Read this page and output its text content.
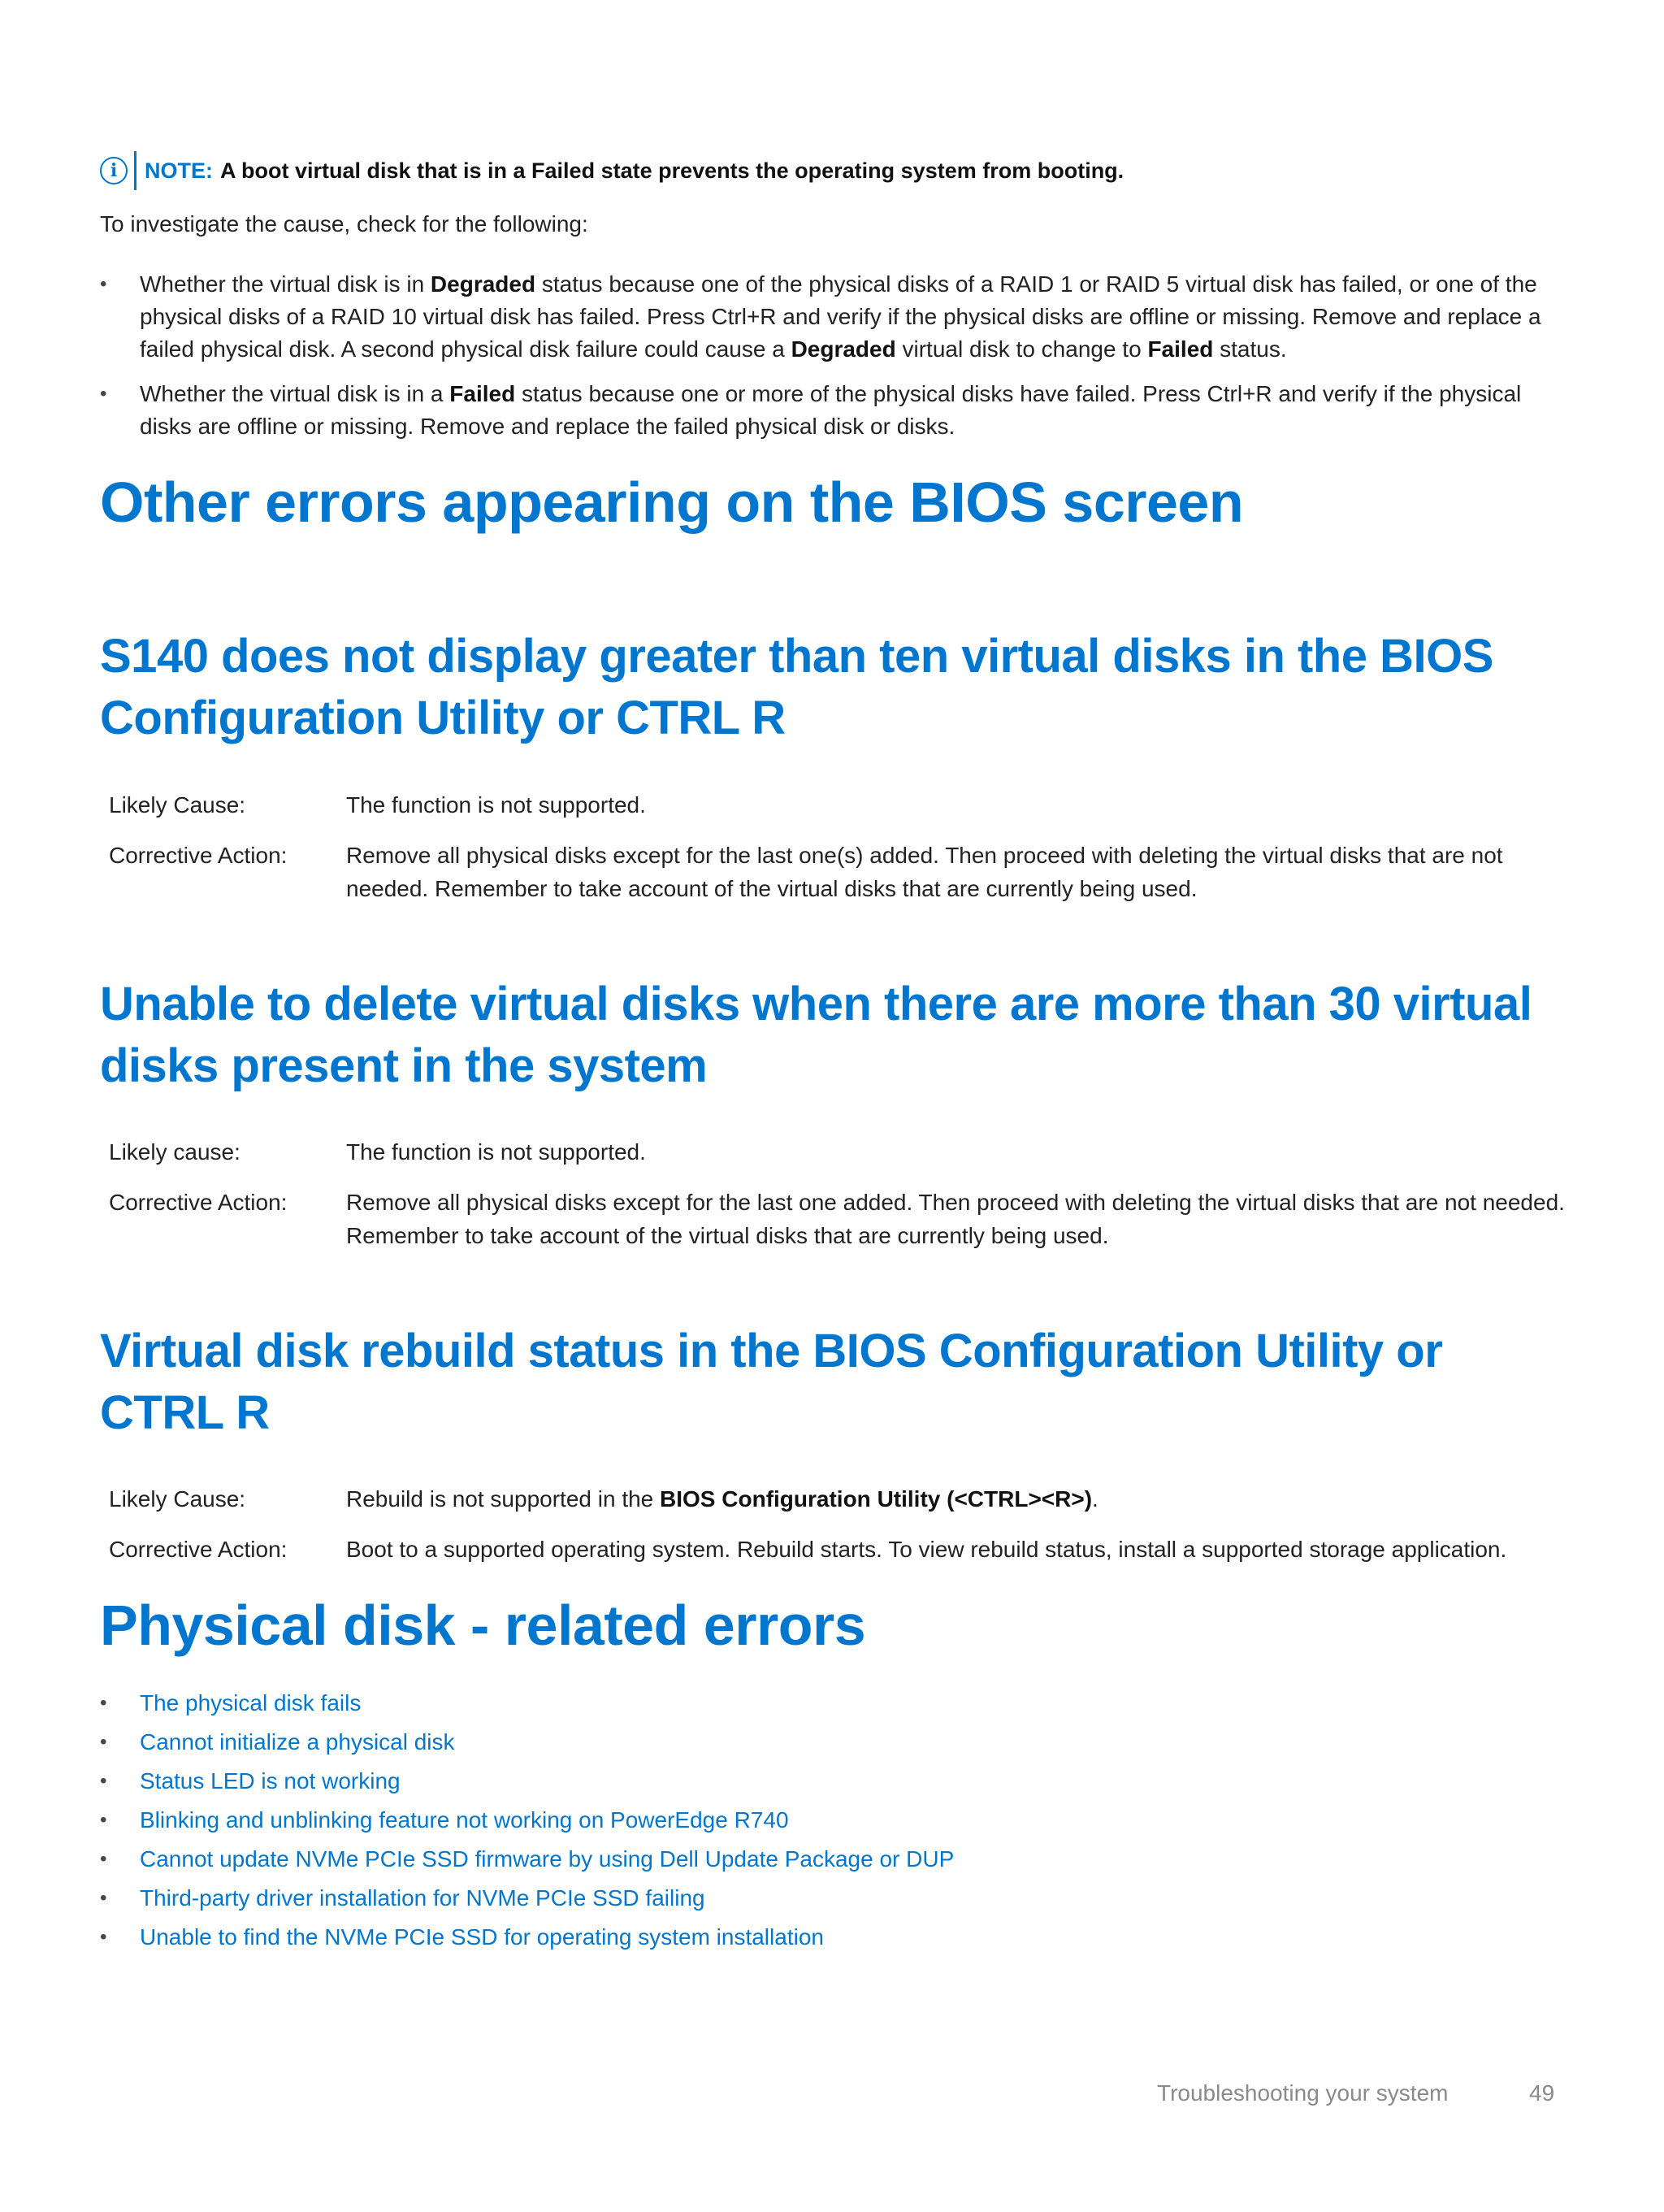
i	NOTE: A boot virtual disk that is in a Failed state prevents the operating system from booting.
To investigate the cause, check for the following:
• Whether the virtual disk is in Degraded status because one of the physical disks of a RAID 1 or RAID 5 virtual disk has failed, or one of the physical disks of a RAID 10 virtual disk has failed. Press Ctrl+R and verify if the physical disks are offline or missing. Remove and replace a failed physical disk. A second physical disk failure could cause a Degraded virtual disk to change to Failed status.
• Whether the virtual disk is in a Failed status because one or more of the physical disks have failed. Press Ctrl+R and verify if the physical disks are offline or missing. Remove and replace the failed physical disk or disks.
Other errors appearing on the BIOS screen
S140 does not display greater than ten virtual disks in the BIOS Configuration Utility or CTRL R
Likely Cause:	The function is not supported.
Corrective Action:	Remove all physical disks except for the last one(s) added. Then proceed with deleting the virtual disks that are not needed. Remember to take account of the virtual disks that are currently being used.
Unable to delete virtual disks when there are more than 30 virtual disks present in the system
Likely cause:	The function is not supported.
Corrective Action:	Remove all physical disks except for the last one added. Then proceed with deleting the virtual disks that are not needed. Remember to take account of the virtual disks that are currently being used.
Virtual disk rebuild status in the BIOS Configuration Utility or CTRL R
Likely Cause:	Rebuild is not supported in the BIOS Configuration Utility (<CTRL><R>).
Corrective Action:	Boot to a supported operating system. Rebuild starts. To view rebuild status, install a supported storage application.
Physical disk - related errors
• The physical disk fails
• Cannot initialize a physical disk
• Status LED is not working
• Blinking and unblinking feature not working on PowerEdge R740
• Cannot update NVMe PCIe SSD firmware by using Dell Update Package or DUP
• Third-party driver installation for NVMe PCIe SSD failing
• Unable to find the NVMe PCIe SSD for operating system installation
Troubleshooting your system	49
